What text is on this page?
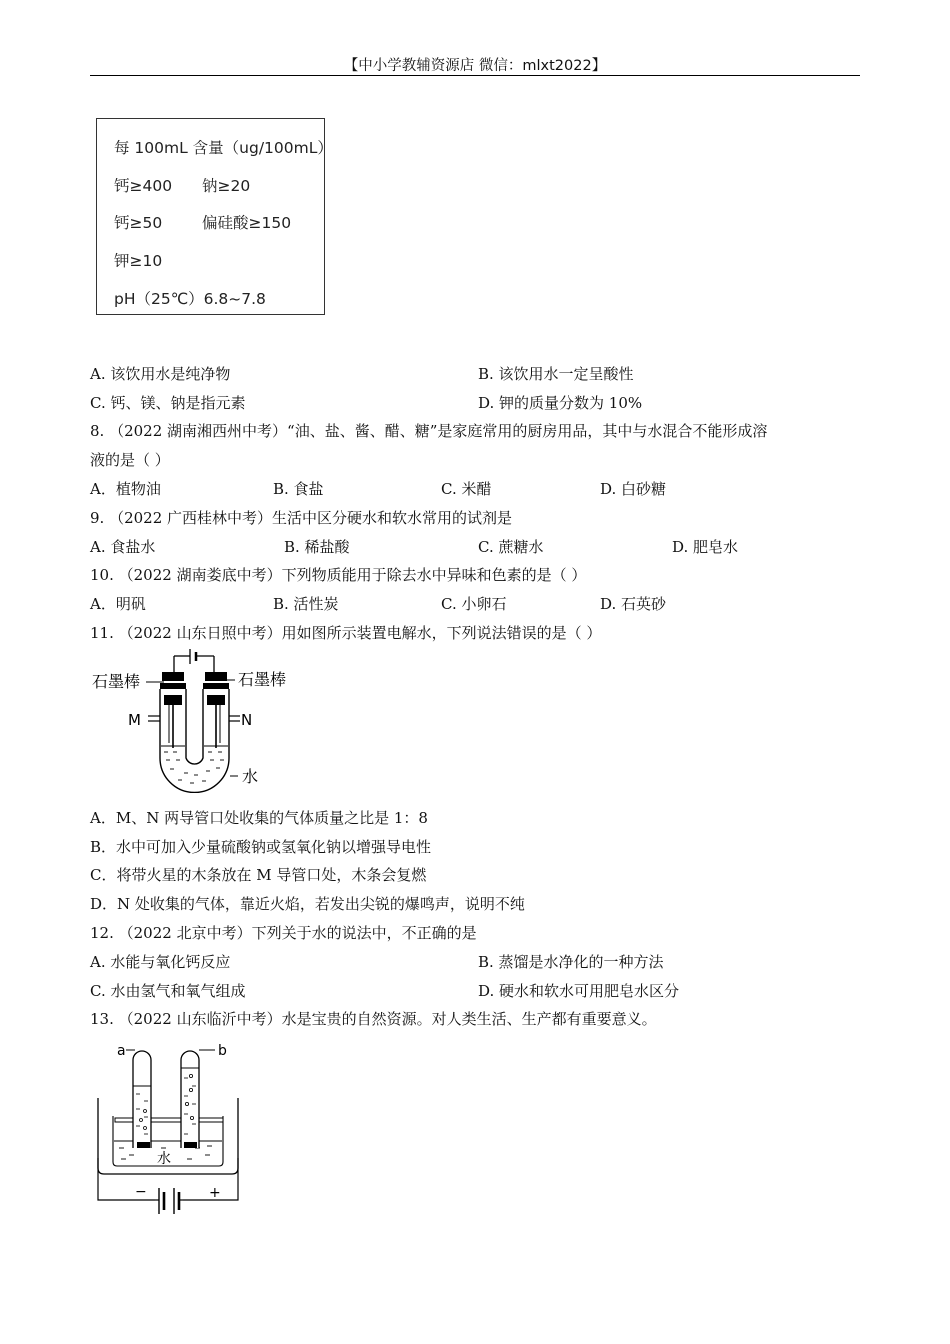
【中小学教辅资源店 微信：mlxt2022】
每 100mL 含量（ug/100mL）
钙≥400 钠≥20
钙≥50	偏硅酸≥150
钾≥10
pH（25℃）6.8~7.8
A. 该饮用水是纯净物	B. 该饮用水一定呈酸性
C. 钙、镁、钠是指元素	D. 钾的质量分数为 10%
8. （2022 湖南湘西州中考）“油、盐、酱、醋、糖”是家庭常用的厨房用品，其中与水混合不能形成溶
液的是（ ）
A．植物油	B. 食盐	C. 米醋	D. 白砂糖
9. （2022 广西桂林中考）生活中区分硬水和软水常用的试剂是
A. 食盐水	B. 稀盐酸	C. 蔗糖水	D. 肥皂水
10. （2022 湖南娄底中考）下列物质能用于除去水中异味和色素的是（ ）
A．明矾	B. 活性炭	C. 小卵石	D. 石英砂
11. （2022 山东日照中考）用如图所示装置电解水，下列说法错误的是（ ）
石墨棒	石墨棒
M	N
水
A．M、N 两导管口处收集的气体质量之比是 1：8
B．水中可加入少量硫酸钠或氢氧化钠以增强导电性
C．将带火星的木条放在 M 导管口处，木条会复燃
D．N 处收集的气体，靠近火焰，若发出尖锐的爆鸣声，说明不纯
12. （2022 北京中考）下列关于水的说法中，不正确的是
A. 水能与氧化钙反应	B. 蒸馏是水净化的一种方法
C. 水由氢气和氧气组成	D. 硬水和软水可用肥皂水区分
13. （2022 山东临沂中考）水是宝贵的自然资源。对人类生活、生产都有重要意义。
a	b
水
−	+
